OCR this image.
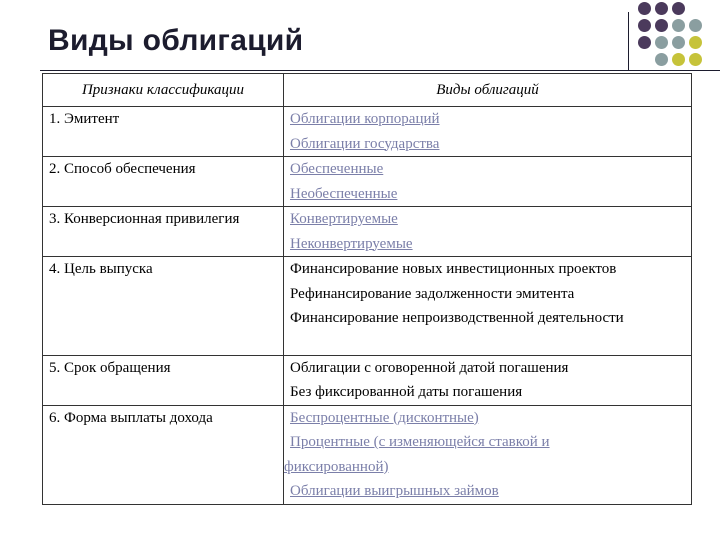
Виды облигаций
Признаки классификации	Виды облигаций

1. Эмитент	Облигации корпораций
Облигации государства

2. Способ обеспечения	Обеспеченные
Необеспеченные

3. Конверсионная привилегия	Конвертируемые
Неконвертируемые

4. Цель выпуска	Финансирование новых инвестиционных проектов
Рефинансирование задолженности эмитента
Финансирование непроизводственной деятельности

5. Срок обращения	Облигации с оговоренной датой погашения
Без фиксированной даты погашения

6. Форма выплаты дохода	Беспроцентные (дисконтные)
Процентные (с изменяющейся ставкой и
фиксированной)
Облигации выигрышных займов
